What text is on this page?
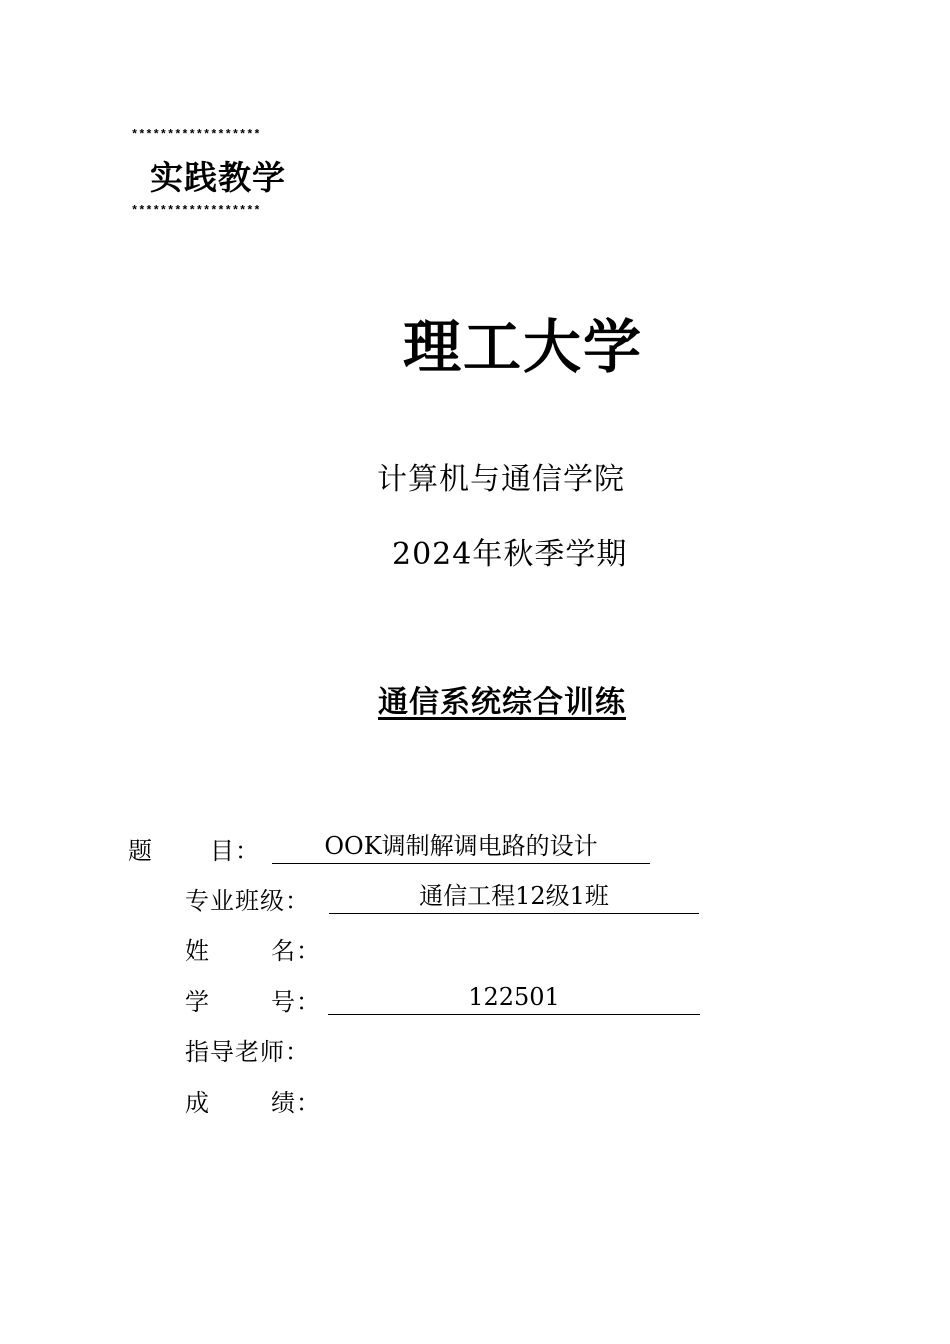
******************
实践教学
******************
理工大学
计算机与通信学院
2024年秋季学期
通信系统综合训练
题 目：	OOK调制解调电路的设计
专业班级：	通信工程12级1班
姓	名：
学	号：	122501
指导老师：
成	绩：
